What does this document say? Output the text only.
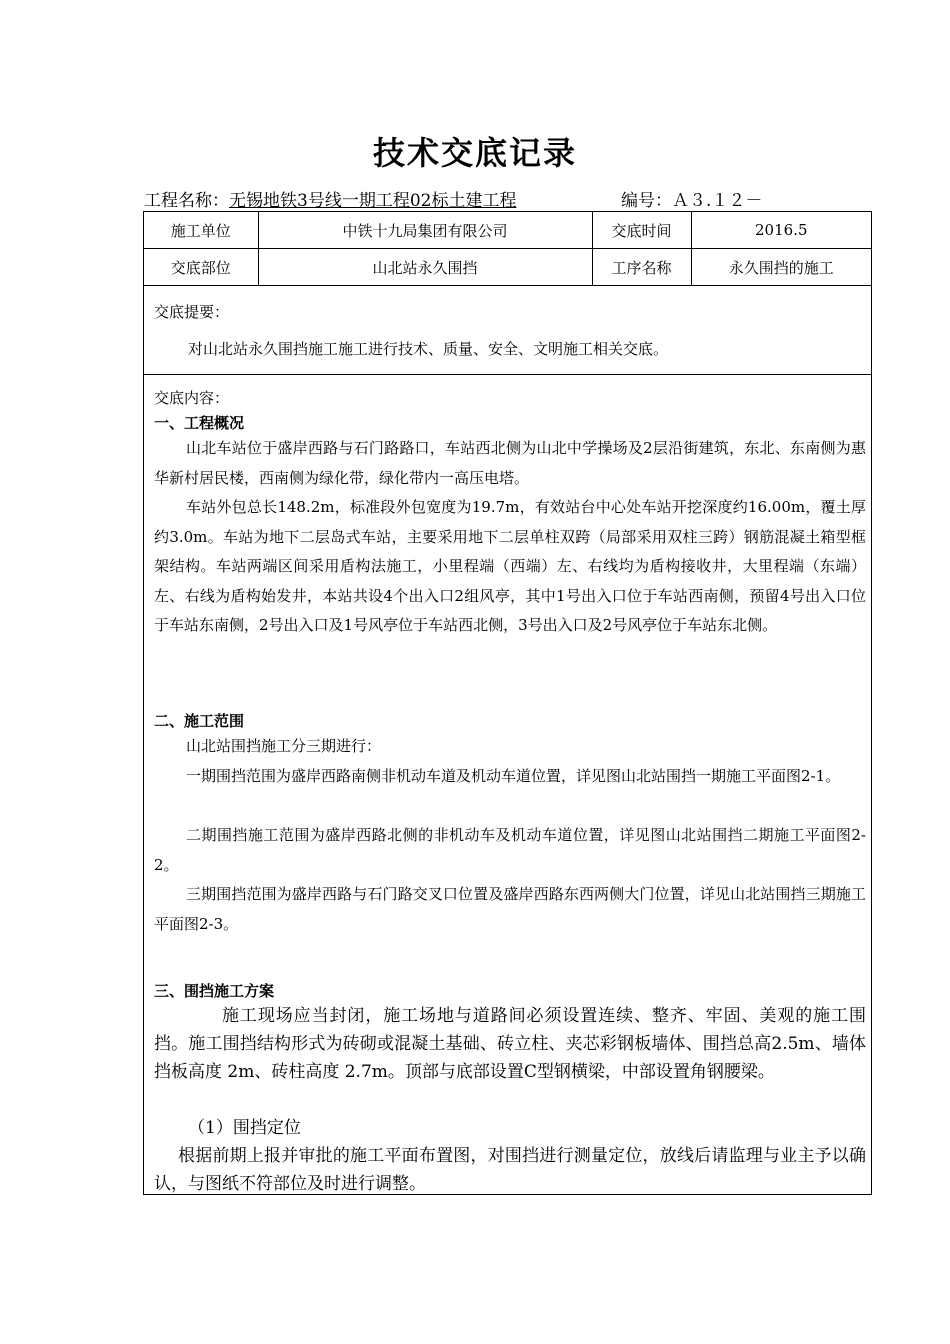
技术交底记录
工程名称：无锡地铁3号线一期工程02标土建工程	编号：Ａ３.１２－
施工单位	中铁十九局集团有限公司	交底时间	2016.5
交底部位	山北站永久围挡	工序名称	永久围挡的施工
交底提要：
对山北站永久围挡施工施工进行技术、质量、安全、文明施工相关交底。
交底内容：
一、工程概况
山北车站位于盛岸西路与石门路路口，车站西北侧为山北中学操场及2层沿街建筑，东北、东南侧为惠华新村居民楼，西南侧为绿化带，绿化带内一高压电塔。
车站外包总长148.2m，标准段外包宽度为19.7m，有效站台中心处车站开挖深度约16.00m，覆土厚约3.0m。车站为地下二层岛式车站，主要采用地下二层单柱双跨（局部采用双柱三跨）钢筋混凝土箱型框架结构。车站两端区间采用盾构法施工，小里程端（西端）左、右线均为盾构接收井，大里程端（东端）左、右线为盾构始发井，本站共设4个出入口2组风亭，其中1号出入口位于车站西南侧，预留4号出入口位于车站东南侧，2号出入口及1号风亭位于车站西北侧，3号出入口及2号风亭位于车站东北侧。
二、施工范围
山北站围挡施工分三期进行：
一期围挡范围为盛岸西路南侧非机动车道及机动车道位置，详见图山北站围挡一期施工平面图2-1。
二期围挡施工范围为盛岸西路北侧的非机动车及机动车道位置，详见图山北站围挡二期施工平面图2-2。
三期围挡范围为盛岸西路与石门路交叉口位置及盛岸西路东西两侧大门位置，详见山北站围挡三期施工平面图2-3。
三、围挡施工方案
施工现场应当封闭，施工场地与道路间必须设置连续、整齐、牢固、美观的施工围挡。施工围挡结构形式为砖砌或混凝土基础、砖立柱、夹芯彩钢板墙体、围挡总高2.5m、墙体挡板高度 2m、砖柱高度 2.7m。顶部与底部设置C型钢横梁，中部设置角钢腰梁。
（1）围挡定位
根据前期上报并审批的施工平面布置图，对围挡进行测量定位，放线后请监理与业主予以确认，与图纸不符部位及时进行调整。
